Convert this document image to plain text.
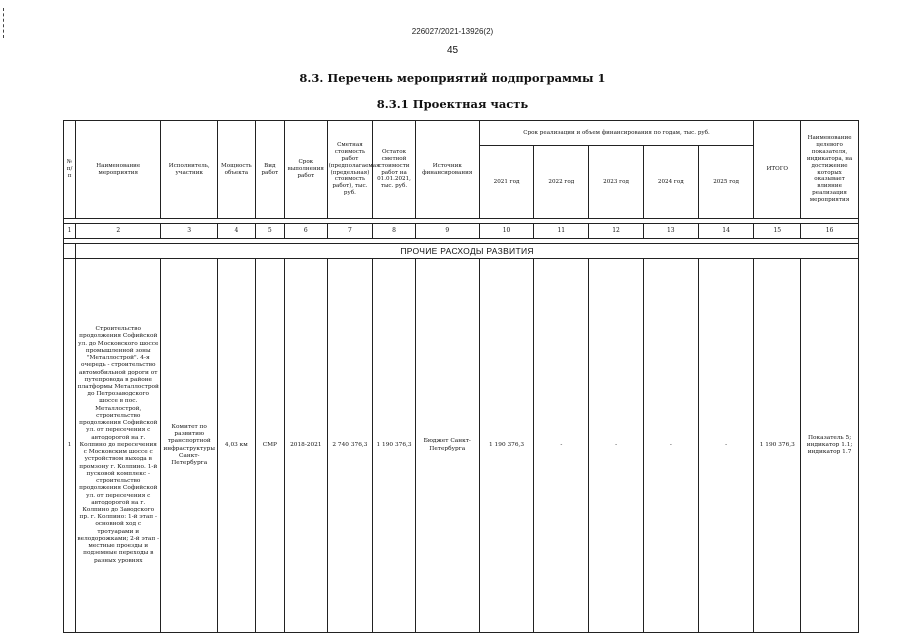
226027/2021-13926(2)
45
8.3. Перечень мероприятий подпрограммы 1
8.3.1 Проектная часть
№ п/п	Наименование мероприятия	Исполнитель, участник	Мощность объекта	Вид работ	Срок выполнения работ	Сметная стоимость работ (предполагаемая (предельная) стоимость работ), тыс. руб.	Остаток сметной стоимости работ на 01.01.2021, тыс. руб.	Источник финансирования	Срок реализации и объем финансирования по годам, тыс. руб.					ИТОГО	Наименование целевого показателя, индикатора, на достижение которых оказывает влияние реализация мероприятия
									2021 год	2022 год	2023 год	2024 год	2025 год		

1	2	3	4	5	6	7	8	9	10	11	12	13	14	15	16

	ПРОЧИЕ РАСХОДЫ РАЗВИТИЯ														
1	Строительство продолжения Софийской ул. до Московского шоссе промышленной зоны "Металлострой". 4-я очередь - строительство автомобильной дороги от путепровода в районе платформы Металлострой до Петрозаводского шоссе в пос. Металлострой, строительство продолжения Софийской ул. от пересечения с автодорогой на г. Колпино до пересечения с Московским шоссе с устройством выхода в промзону г. Колпино. 1-й пусковой комплекс - строительство продолжения Софийской ул. от пересечения с автодорогой на г. Колпино до Заводского пр. г. Колпино: 1-й этап - основной ход с тротуарами и велодорожками; 2-й этап - местные проезды и подземные переходы в разных уровнях	Комитет по развитию транспортной инфраструктуры Санкт-Петербурга	4,03 км	СМР	2018-2021	2 740 376,3	1 190 376,3	Бюджет Санкт-Петербурга	1 190 376,3	-	-	-	-	1 190 376,3	Показатель 5; индикатор 1.1; индикатор 1.7
